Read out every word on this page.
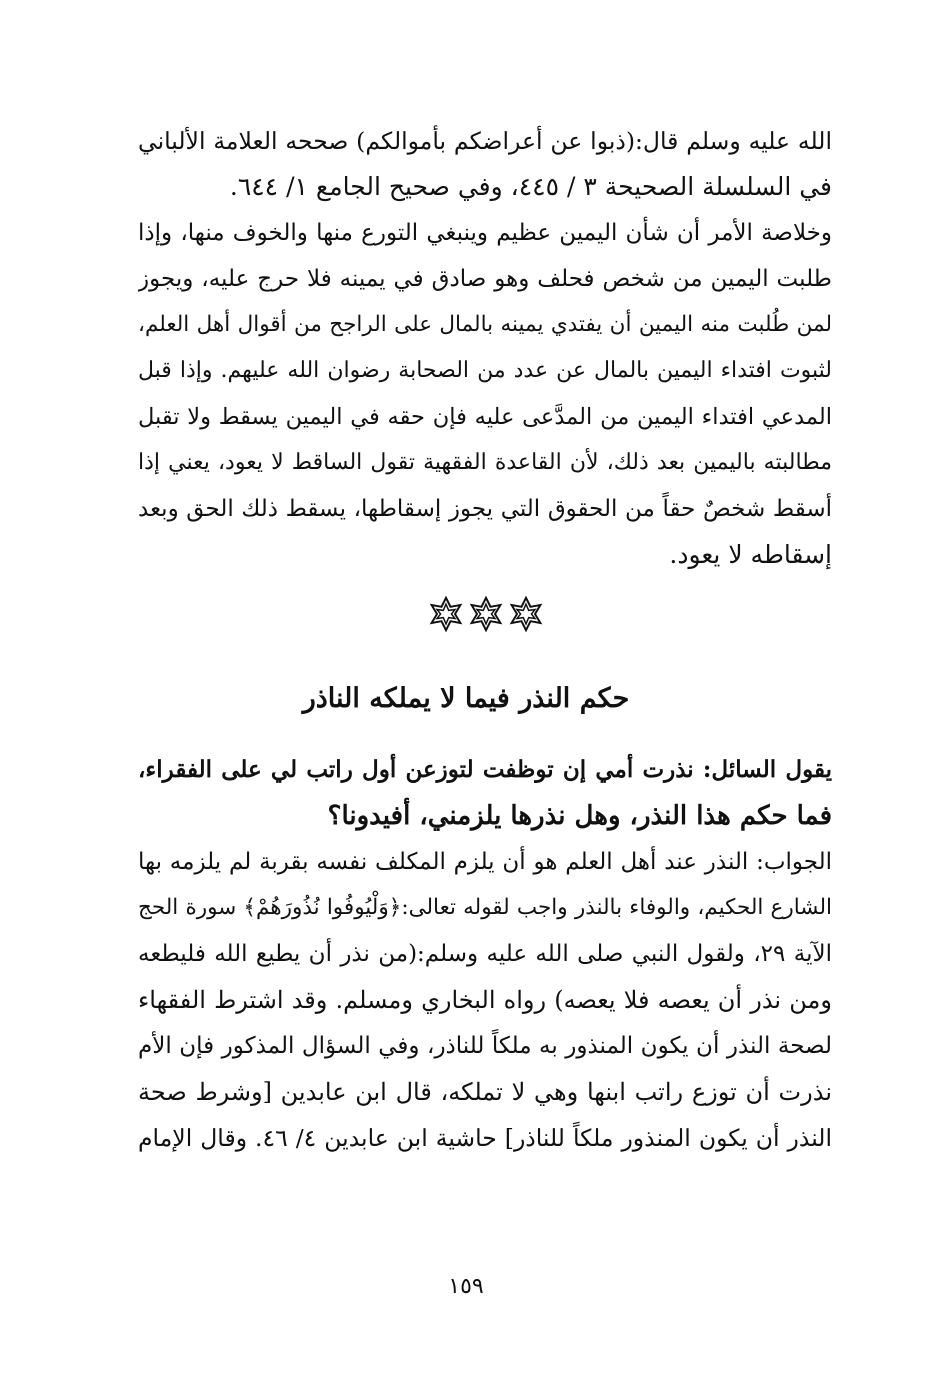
الله عليه وسلم قال:(ذبوا عن أعراضكم بأموالكم) صححه العلامة الألباني
في السلسلة الصحيحة ٣ / ٤٤٥، وفي صحيح الجامع ١/ ٦٤٤.
وخلاصة الأمر أن شأن اليمين عظيم وينبغي التورع منها والخوف منها، وإذا
طلبت اليمين من شخص فحلف وهو صادق في يمينه فلا حرج عليه، ويجوز
لمن طُلبت منه اليمين أن يفتدي يمينه بالمال على الراجح من أقوال أهل العلم،
لثبوت افتداء اليمين بالمال عن عدد من الصحابة رضوان الله عليهم. وإذا قبل
المدعي افتداء اليمين من المدَّعى عليه فإن حقه في اليمين يسقط ولا تقبل
مطالبته باليمين بعد ذلك، لأن القاعدة الفقهية تقول الساقط لا يعود، يعني إذا
أسقط شخصٌ حقاً من الحقوق التي يجوز إسقاطها، يسقط ذلك الحق وبعد
إسقاطه لا يعود.
حكم النذر فيما لا يملكه الناذر
يقول السائل: نذرت أمي إن توظفت لتوزعن أول راتب لي على الفقراء،
فما حكم هذا النذر، وهل نذرها يلزمني، أفيدونا؟
الجواب: النذر عند أهل العلم هو أن يلزم المكلف نفسه بقربة لم يلزمه بها
الشارع الحكيم، والوفاء بالنذر واجب لقوله تعالى:﴿وَلْيُوفُوا نُذُورَهُمْ﴾ سورة الحج
الآية ٢٩، ولقول النبي صلى الله عليه وسلم:(من نذر أن يطيع الله فليطعه
ومن نذر أن يعصه فلا يعصه) رواه البخاري ومسلم. وقد اشترط الفقهاء
لصحة النذر أن يكون المنذور به ملكاً للناذر، وفي السؤال المذكور فإن الأم
نذرت أن توزع راتب ابنها وهي لا تملكه، قال ابن عابدين [وشرط صحة
النذر أن يكون المنذور ملكاً للناذر] حاشية ابن عابدين ٤/ ٤٦. وقال الإمام
١٥٩
